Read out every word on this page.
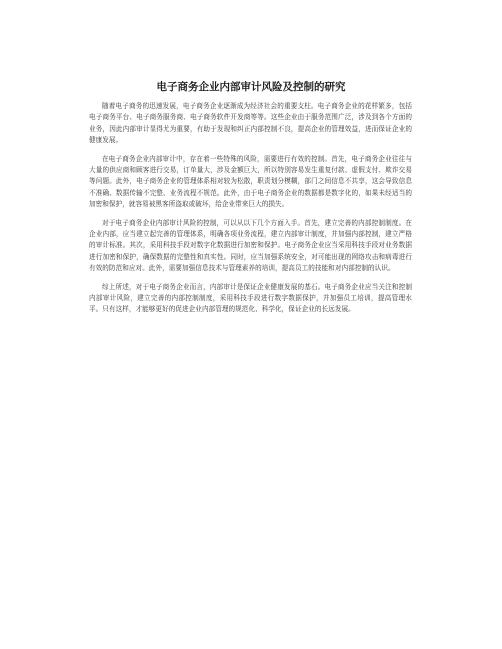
电子商务企业内部审计风险及控制的研究

随着电子商务的迅速发展，电子商务企业逐渐成为经济社会的重要支柱。电子商务企业的花样繁多，包括电子商务平台、电子商务服务商、电子商务软件开发商等等。这些企业由于服务范围广泛，涉及到各个方面的业务，因此内部审计显得尤为重要，有助于发现和纠正内部控制不良，提高企业的管理效益，进而保证企业的健康发展。

在电子商务企业内部审计中，存在着一些特殊的风险，需要进行有效的控制。首先，电子商务企业往往与大量的供应商和顾客进行交易，订单量大，涉及金额巨大，所以特别容易发生重复付款、虚假支付、欺诈交易等问题。此外，电子商务企业的管理体系相对较为松散，职责划分模糊，部门之间信息不共享，这会导致信息不准确、数据传输不完整、业务流程不规范。此外，由于电子商务企业的数据都是数字化的，如果未经适当的加密和保护，就容易被黑客所盗取或破坏，给企业带来巨大的损失。

对于电子商务企业内部审计风险的控制，可以从以下几个方面入手。首先，建立完善的内部控制制度。在企业内部，应当建立起完善的管理体系，明确各项业务流程，建立内部审计制度，并加强内部控制，建立严格的审计标准。其次，采用科技手段对数字化数据进行加密和保护。电子商务企业应当采用科技手段对业务数据进行加密和保护，确保数据的完整性和真实性。同时，应当加强系统安全，对可能出现的网络攻击和病毒进行有效的防范和应对。此外，需要加强信息技术与管理素养的培训，提高员工的技能和对内部控制的认识。

综上所述，对于电子商务企业而言，内部审计是保证企业健康发展的基石。电子商务企业应当关注和控制内部审计风险，建立完善的内部控制制度，采用科技手段进行数字数据保护，并加强员工培训，提高管理水平。只有这样，才能够更好的促进企业内部管理的规范化、科学化，保证企业的长远发展。
